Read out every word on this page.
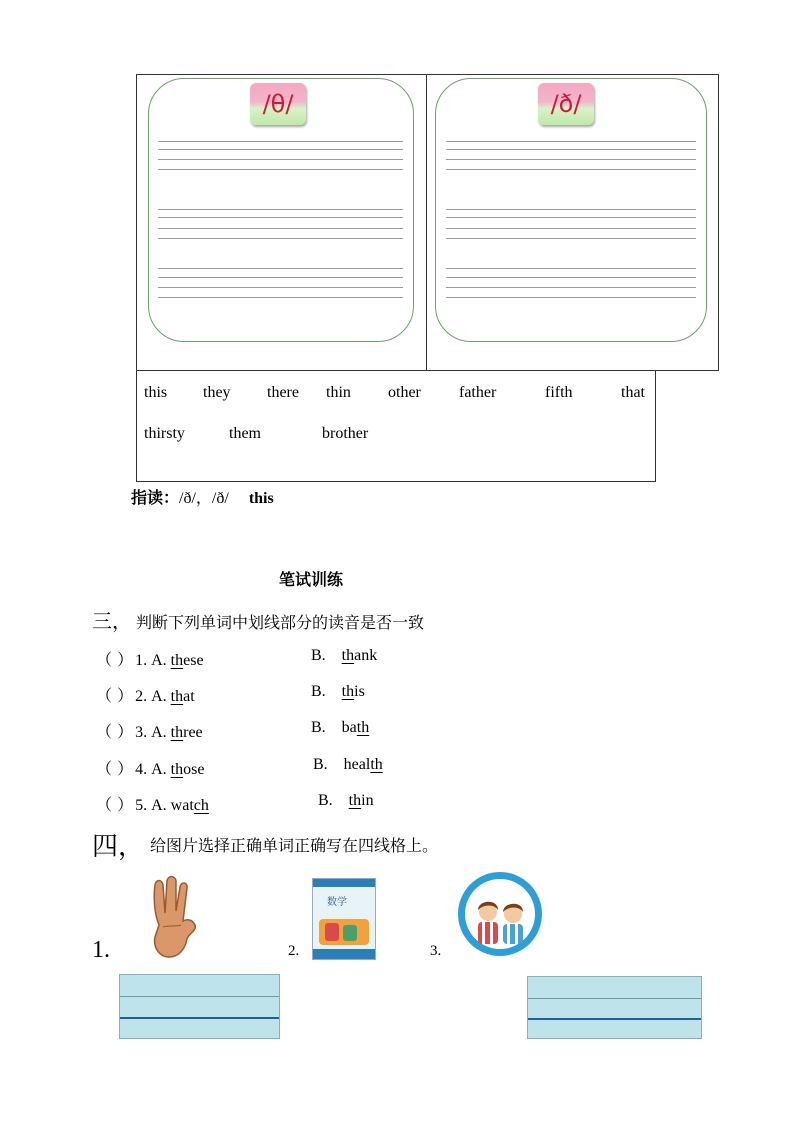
/θ/	/ð/
this they there thin other father	fifth	that
thirsty	them	brother
指读：/ð/，/ð/ this
笔试训练
三， 判断下列单词中划线部分的读音是否一致
（ ） 1. A. these	B. thank
（ ） 2. A. that	B. this
（ ） 3. A. three	B. bath
（ ） 4. A. those	B. health
（ ） 5. A. watch	B. thin
四， 给图片选择正确单词正确写在四线格上。
1.	2.	3.
数学
